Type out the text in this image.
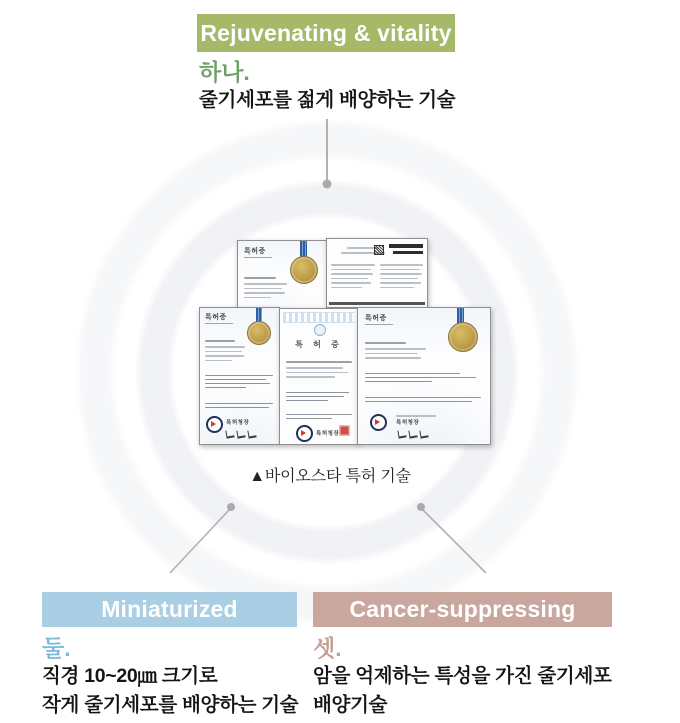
Rejuvenating & vitality
하나.
줄기세포를 젊게 배양하는 기술
특허증
특허증
특허청장
특 허 증
특허청장
특허증
특허청장
▲바이오스타 특허 기술
Miniaturized
둘.
직경 10~20㎛ 크기로
작게 줄기세포를 배양하는 기술
Cancer-suppressing
셋.
암을 억제하는 특성을 가진 줄기세포
배양기술
